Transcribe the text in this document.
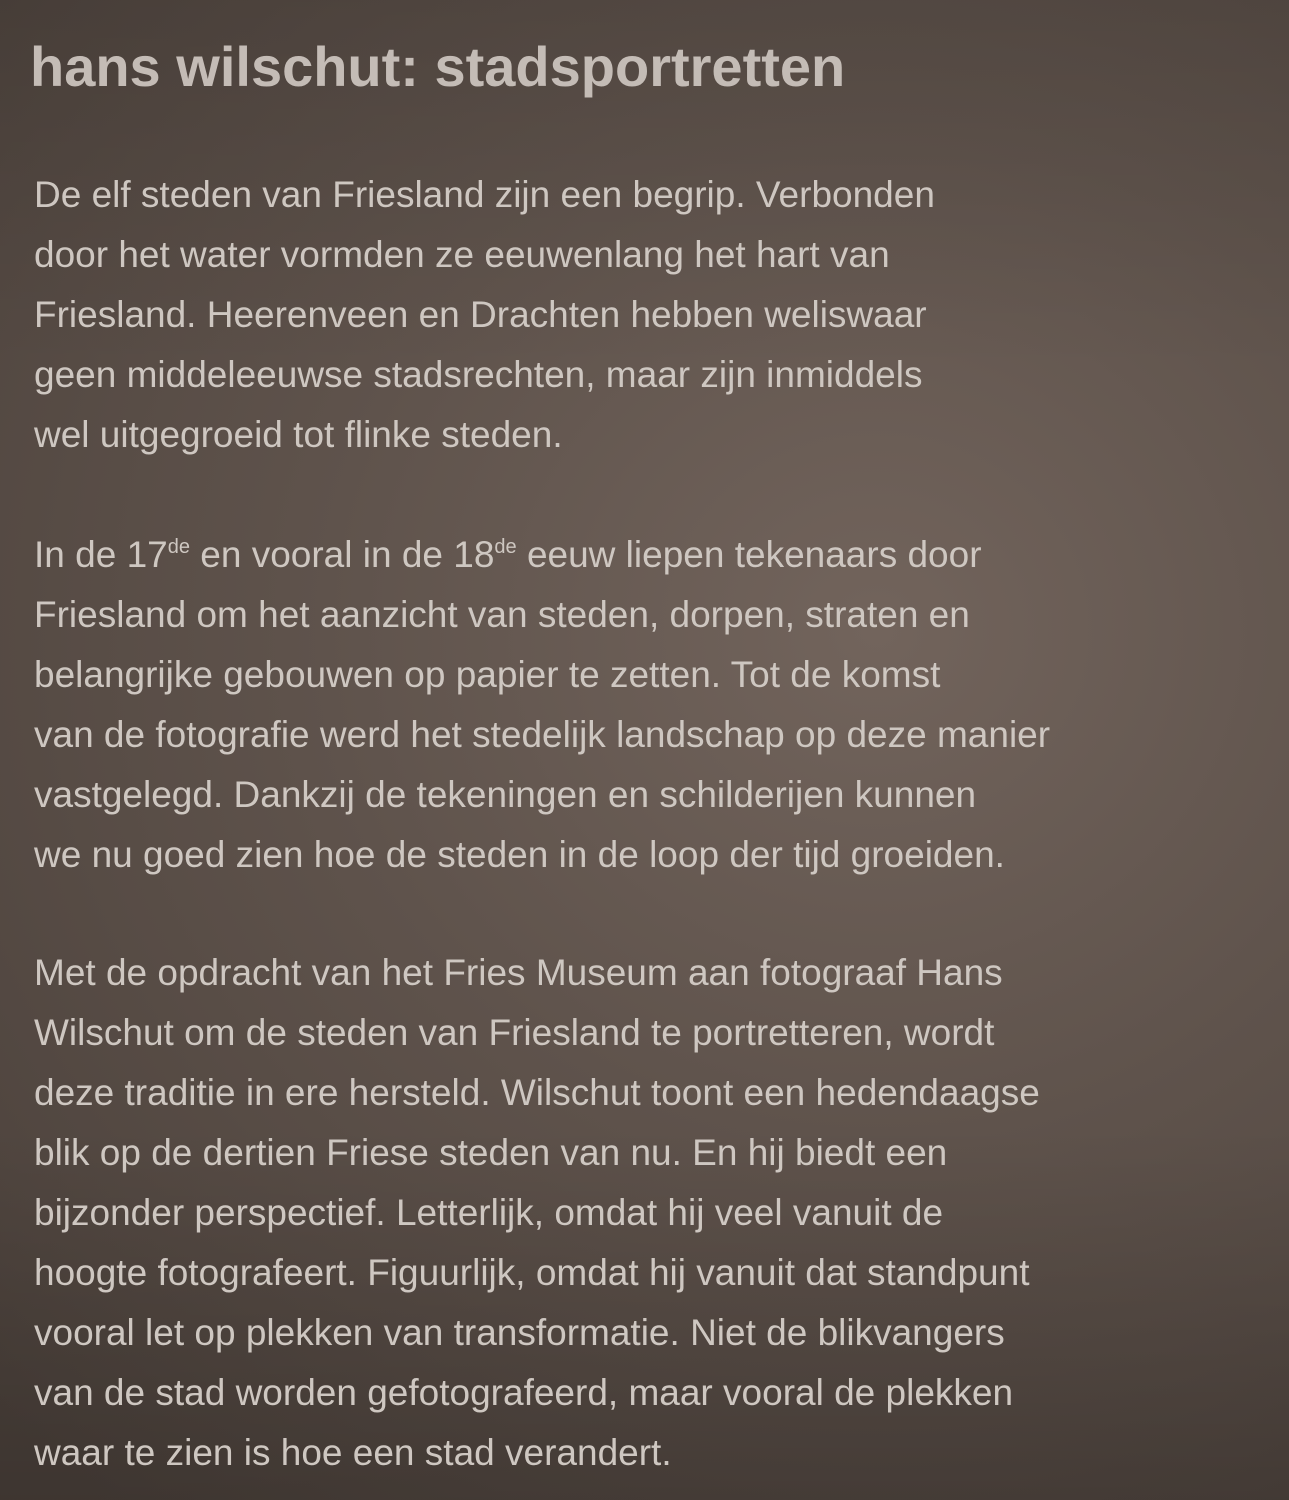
hans wilschut: stadsportretten

De elf steden van Friesland zijn een begrip. Verbonden
door het water vormden ze eeuwenlang het hart van
Friesland. Heerenveen en Drachten hebben weliswaar
geen middeleeuwse stadsrechten, maar zijn inmiddels
wel uitgegroeid tot flinke steden.

In de 17de en vooral in de 18de eeuw liepen tekenaars door
Friesland om het aanzicht van steden, dorpen, straten en
belangrijke gebouwen op papier te zetten. Tot de komst
van de fotografie werd het stedelijk landschap op deze manier
vastgelegd. Dankzij de tekeningen en schilderijen kunnen
we nu goed zien hoe de steden in de loop der tijd groeiden.

Met de opdracht van het Fries Museum aan fotograaf Hans
Wilschut om de steden van Friesland te portretteren, wordt
deze traditie in ere hersteld. Wilschut toont een hedendaagse
blik op de dertien Friese steden van nu. En hij biedt een
bijzonder perspectief. Letterlijk, omdat hij veel vanuit de
hoogte fotografeert. Figuurlijk, omdat hij vanuit dat standpunt
vooral let op plekken van transformatie. Niet de blikvangers
van de stad worden gefotografeerd, maar vooral de plekken
waar te zien is hoe een stad verandert.
